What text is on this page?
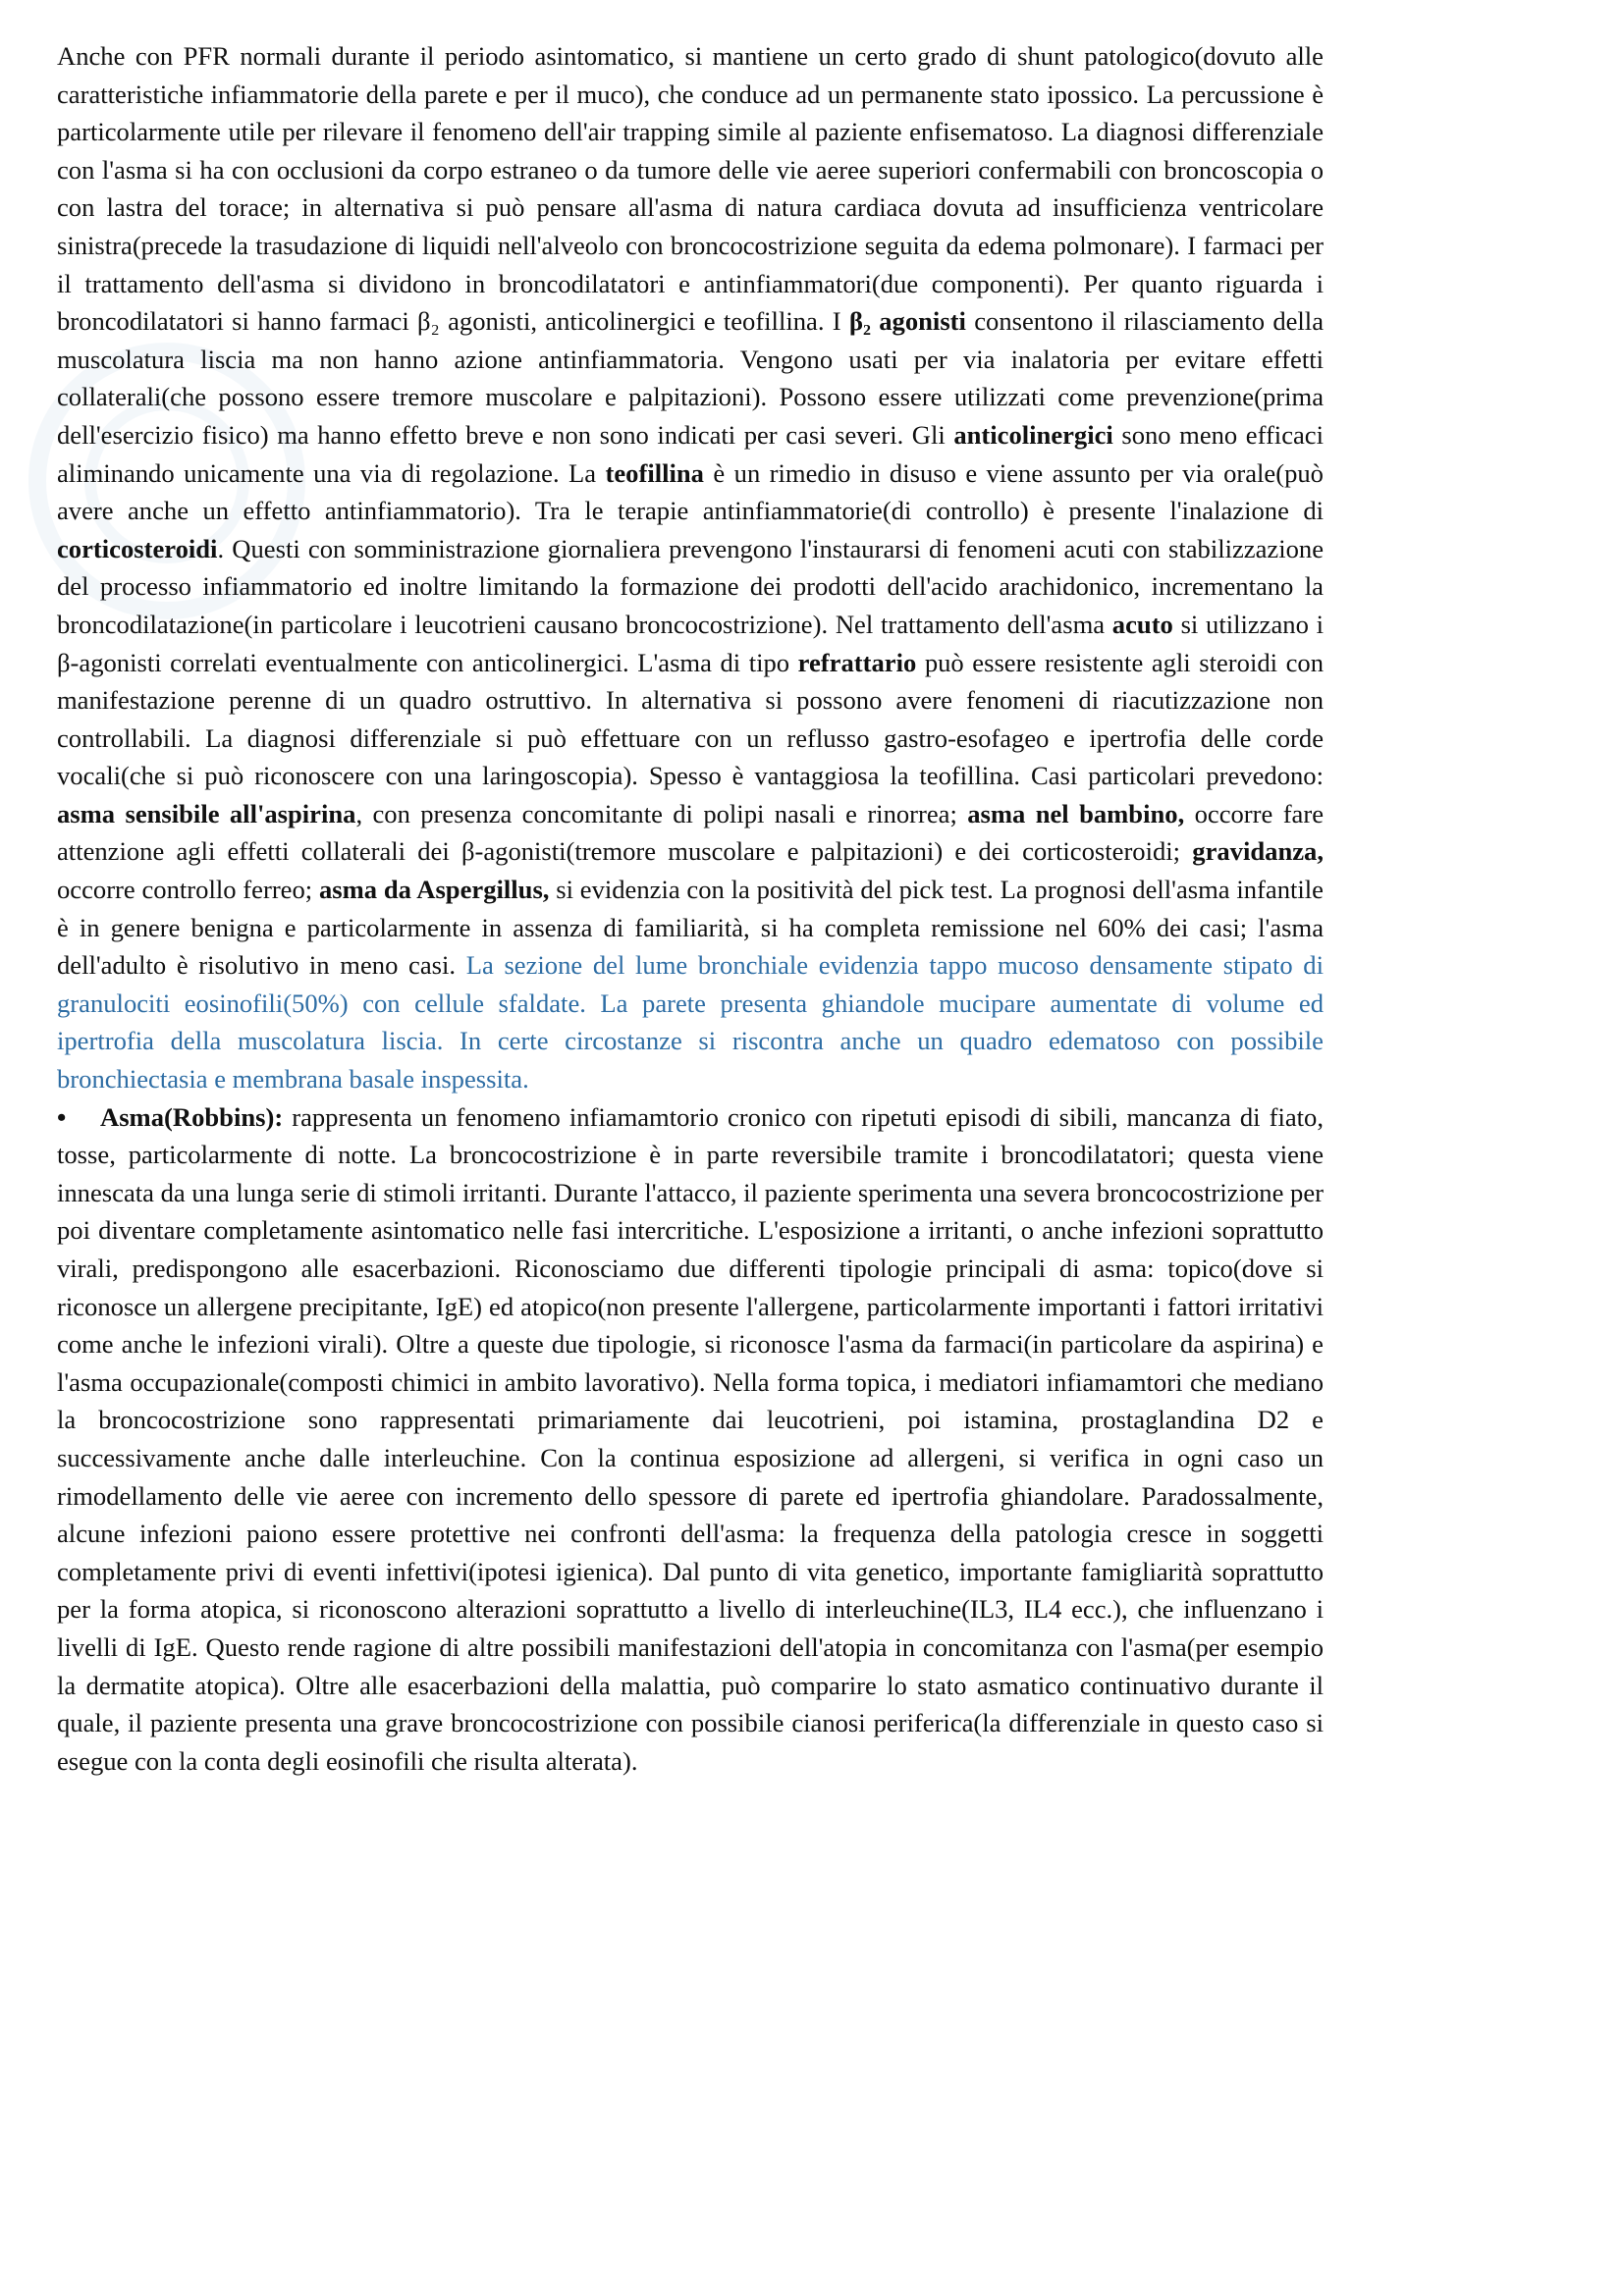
Anche con PFR normali durante il periodo asintomatico, si mantiene un certo grado di shunt patologico(dovuto alle caratteristiche infiammatorie della parete e per il muco), che conduce ad un permanente stato ipossico. La percussione è particolarmente utile per rilevare il fenomeno dell'air trapping simile al paziente enfisematoso. La diagnosi differenziale con l'asma si ha con occlusioni da corpo estraneo o da tumore delle vie aeree superiori confermabili con broncoscopia o con lastra del torace; in alternativa si può pensare all'asma di natura cardiaca dovuta ad insufficienza ventricolare sinistra(precede la trasudazione di liquidi nell'alveolo con broncocostrizione seguita da edema polmonare). I farmaci per il trattamento dell'asma si dividono in broncodilatatori e antinfiammatori(due componenti). Per quanto riguarda i broncodilatatori si hanno farmaci β₂ agonisti, anticolinergici e teofillina. I β₂ agonisti consentono il rilasciamento della muscolatura liscia ma non hanno azione antinfiammatoria. Vengono usati per via inalatoria per evitare effetti collaterali(che possono essere tremore muscolare e palpitazioni). Possono essere utilizzati come prevenzione(prima dell'esercizio fisico) ma hanno effetto breve e non sono indicati per casi severi. Gli anticolinergici sono meno efficaci aliminando unicamente una via di regolazione. La teofillina è un rimedio in disuso e viene assunto per via orale(può avere anche un effetto antinfiammatorio). Tra le terapie antinfiammatorie(di controllo) è presente l'inalazione di corticosteroidi. Questi con somministrazione giornaliera prevengono l'instaurarsi di fenomeni acuti con stabilizzazione del processo infiammatorio ed inoltre limitando la formazione dei prodotti dell'acido arachidonico, incrementano la broncodilatazione(in particolare i leucotrieni causano broncocostrizione). Nel trattamento dell'asma acuto si utilizzano i β-agonisti correlati eventualmente con anticolinergici. L'asma di tipo refrattario può essere resistente agli steroidi con manifestazione perenne di un quadro ostruttivo. In alternativa si possono avere fenomeni di riacutizzazione non controllabili. La diagnosi differenziale si può effettuare con un reflusso gastro-esofageo e ipertrofia delle corde vocali(che si può riconoscere con una laringoscopia). Spesso è vantaggiosa la teofillina. Casi particolari prevedono: asma sensibile all'aspirina, con presenza concomitante di polipi nasali e rinorrea; asma nel bambino, occorre fare attenzione agli effetti collaterali dei β-agonisti(tremore muscolare e palpitazioni) e dei corticosteroidi; gravidanza, occorre controllo ferreo; asma da Aspergillus, si evidenzia con la positività del pick test. La prognosi dell'asma infantile è in genere benigna e particolarmente in assenza di familiarità, si ha completa remissione nel 60% dei casi; l'asma dell'adulto è risolutivo in meno casi. La sezione del lume bronchiale evidenzia tappo mucoso densamente stipato di granulociti eosinofili(50%) con cellule sfaldate. La parete presenta ghiandole mucipare aumentate di volume ed ipertrofia della muscolatura liscia. In certe circostanze si riscontra anche un quadro edematoso con possibile bronchiectasia e membrana basale inspessita.

• Asma(Robbins): rappresenta un fenomeno infiamamtorio cronico con ripetuti episodi di sibili, mancanza di fiato, tosse, particolarmente di notte. La broncocostrizione è in parte reversibile tramite i broncodilatatori; questa viene innescata da una lunga serie di stimoli irritanti. Durante l'attacco, il paziente sperimenta una severa broncocostrizione per poi diventare completamente asintomatico nelle fasi intercritiche. L'esposizione a irritanti, o anche infezioni soprattutto virali, predispongono alle esacerbazioni. Riconosciamo due differenti tipologie principali di asma: topico(dove si riconosce un allergene precipitante, IgE) ed atopico(non presente l'allergene, particolarmente importanti i fattori irritativi come anche le infezioni virali). Oltre a queste due tipologie, si riconosce l'asma da farmaci(in particolare da aspirina) e l'asma occupazionale(composti chimici in ambito lavorativo). Nella forma topica, i mediatori infiamamtori che mediano la broncocostrizione sono rappresentati primariamente dai leucotrieni, poi istamina, prostaglandina D2 e successivamente anche dalle interleuchine. Con la continua esposizione ad allergeni, si verifica in ogni caso un rimodellamento delle vie aeree con incremento dello spessore di parete ed ipertrofia ghiandolare. Paradossalmente, alcune infezioni paiono essere protettive nei confronti dell'asma: la frequenza della patologia cresce in soggetti completamente privi di eventi infettivi(ipotesi igienica). Dal punto di vita genetico, importante famigliarità soprattutto per la forma atopica, si riconoscono alterazioni soprattutto a livello di interleuchine(IL3, IL4 ecc.), che influenzano i livelli di IgE. Questo rende ragione di altre possibili manifestazioni dell'atopia in concomitanza con l'asma(per esempio la dermatite atopica). Oltre alle esacerbazioni della malattia, può comparire lo stato asmatico continuativo durante il quale, il paziente presenta una grave broncocostrizione con possibile cianosi periferica(la differenziale in questo caso si esegue con la conta degli eosinofili che risulta alterata).
